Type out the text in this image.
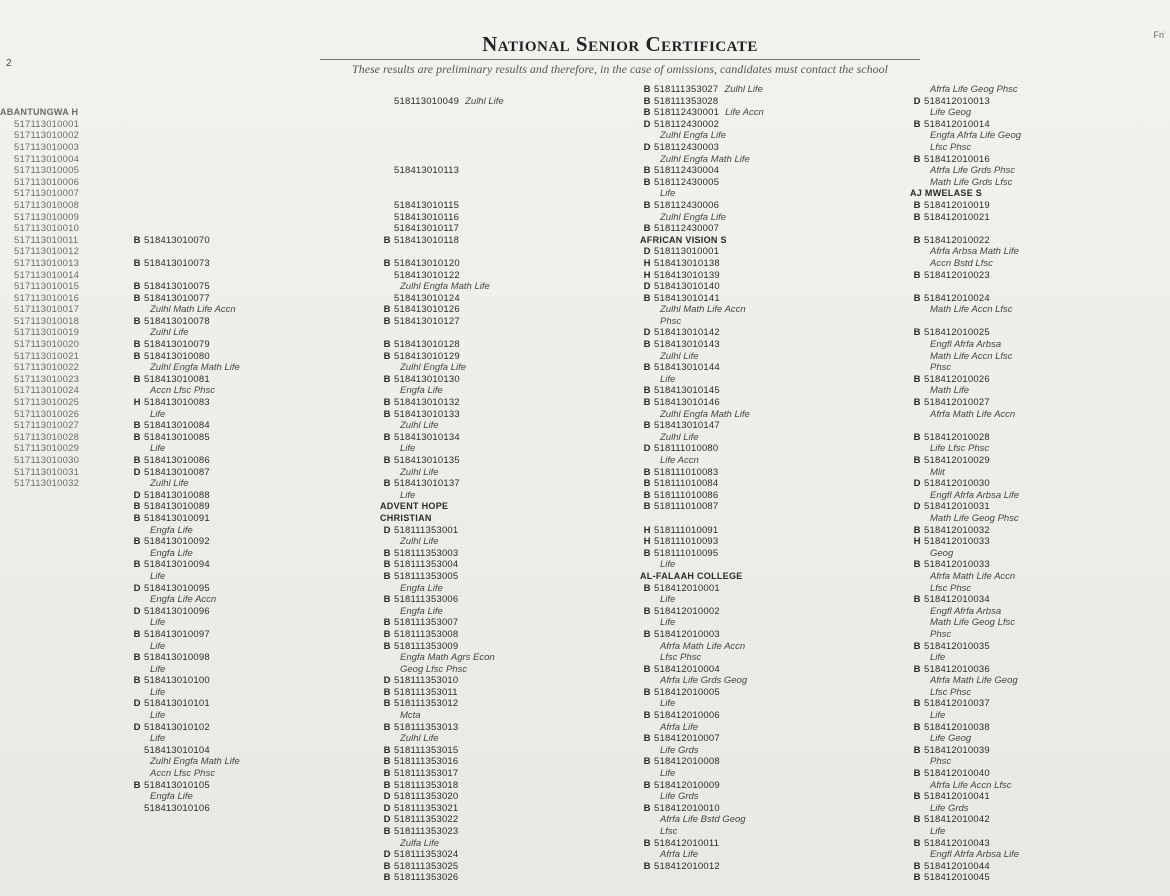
2
Fri
National Senior Certificate
These results are preliminary results and therefore, in the case of omissions, candidates must contact the school
ABANTUNGWA H
517113010001
517113010002
517113010003
517113010004
517113010005
517113010006
517113010007
517113010008
517113010009
517113010010
517113010011
517113010012
517113010013
517113010014
517113010015
517113010016
517113010017
517113010018
517113010019
517113010020
517113010021
517113010022
517113010023
517113010024
517113010025
517113010026
517113010027
517113010028
517113010029
517113010030
517113010031
517113010032
B 518413010070
B 518413010073
B 518413010075
B 518413010077
Zulhl Math Life Accn
B 518413010078
Zulhl Life
B 518413010079
B 518413010080
Zulhl Engfa Math Life
B 518413010081
Accn Lfsc Phsc
H 518413010083
Life
B 518413010084
B 518413010085
Life
B 518413010086
D 518413010087
Zulhl Life
D 518413010088
B 518413010089
B 518413010091
Engfa Life
B 518413010092
Engfa Life
B 518413010094
Life
D 518413010095
Engfa Life Accn
D 518413010096
Life
B 518413010097
Life
B 518413010098
Life
B 518413010100
Life
D 518413010101
Life
D 518413010102
Life
518413010104
Zulhl Engfa Math Life
Accn Lfsc Phsc
B 518413010105
Engfa Life
518413010106
518113010049 Zulhl Life
518413010113
518413010115
518413010116
518413010117
B 518413010118
B 518413010120
518413010122
Zulhl Engfa Math Life
518413010124
B 518413010126
B 518413010127
B 518413010128
B 518413010129
Zulhl Engfa Life
B 518413010130
Engfa Life
B 518413010132
B 518413010133
Zulhl Life
B 518413010134
Life
B 518413010135
Zulhl Life
B 518413010137
Life
ADVENT HOPE
CHRISTIAN
D 518111353001
Zulhl Life
B 518111353003
B 518111353004
B 518111353005
Engfa Life
B 518111353006
Engfa Life
B 518111353007
B 518111353008
B 518111353009
Engfa Math Agrs Econ
Geog Lfsc Phsc
D 518111353010
B 518111353011
B 518111353012
Mcta
B 518111353013
Zulhl Life
B 518111353015
B 518111353016
B 518111353017
B 518111353018
D 518111353020
D 518111353021
D 518111353022
B 518111353023
Zulfa Life
D 518111353024
B 518111353025
B 518111353026
B 518111353027 Zulhl Life
B 518111353028
B 518112430001 Life Accn
D 518112430002
Zulhl Engfa Life
D 518112430003
Zulhl Engfa Math Life
B 518112430004
B 518112430005
Life
B 518112430006
Zulhl Engfa Life
B 518112430007
AFRICAN VISION S
D 518113010001
H 518413010138
H 518413010139
D 518413010140
B 518413010141
Zulhl Math Life Accn
Phsc
D 518413010142
B 518413010143
Zulhl Life
B 518413010144
Life
B 518413010145
B 518413010146
Zulhl Engfa Math Life
B 518413010147
Zulhl Life
D 518111010080
Life Accn
B 518111010083
B 518111010084
B 518111010086
B 518111010087
H 518111010091
H 518111010093
B 518111010095
Life
AL-FALAAH COLLEGE
B 518412010001
Life
B 518412010002
Life
B 518412010003
Afrfa Math Life Accn
Lfsc Phsc
B 518412010004
Afrfa Life Grds Geog
B 518412010005
Life
B 518412010006
Afrfa Life
B 518412010007
Life Grds
B 518412010008
Life
B 518412010009
Life Grds
B 518412010010
Afrfa Life Bstd Geog
Lfsc
B 518412010011
Afrfa Life
B 518412010012
Afrfa Life Geog Phsc
D 518412010013
Life Geog
B 518412010014
Engfa Afrfa Life Geog
Lfsc Phsc
B 518412010016
Afrfa Life Grds Phsc
Math Life Grds Lfsc
AJ MWELASE S
B 518412010019
B 518412010021
B 518412010022
Afrfa Arbsa Math Life
Accn Bstd Lfsc
B 518412010023
B 518412010024
Math Life Accn Lfsc
B 518412010025
Engfl Afrfa Arbsa
Math Life Accn Lfsc
Phsc
B 518412010026
Math Life
B 518412010027
Afrfa Math Life Accn
B 518412010028
Life Lfsc Phsc
B 518412010029
Mlit
D 518412010030
Engfl Afrfa Arbsa Life
D 518412010031
Math Life Geog Phsc
B 518412010032
H 518412010033
Geog
B 518412010033
Afrfa Math Life Accn
Lfsc Phsc
B 518412010034
Engfl Afrfa Arbsa
Math Life Geog Lfsc
Phsc
B 518412010035
Life
B 518412010036
Afrfa Math Life Geog
Lfsc Phsc
B 518412010037
Life
B 518412010038
Life Geog
B 518412010039
Phsc
B 518412010040
Afrfa Life Accn Lfsc
B 518412010041
Life Grds
B 518412010042
Life
B 518412010043
Engfl Afrfa Arbsa Life
B 518412010044
B 518412010045
